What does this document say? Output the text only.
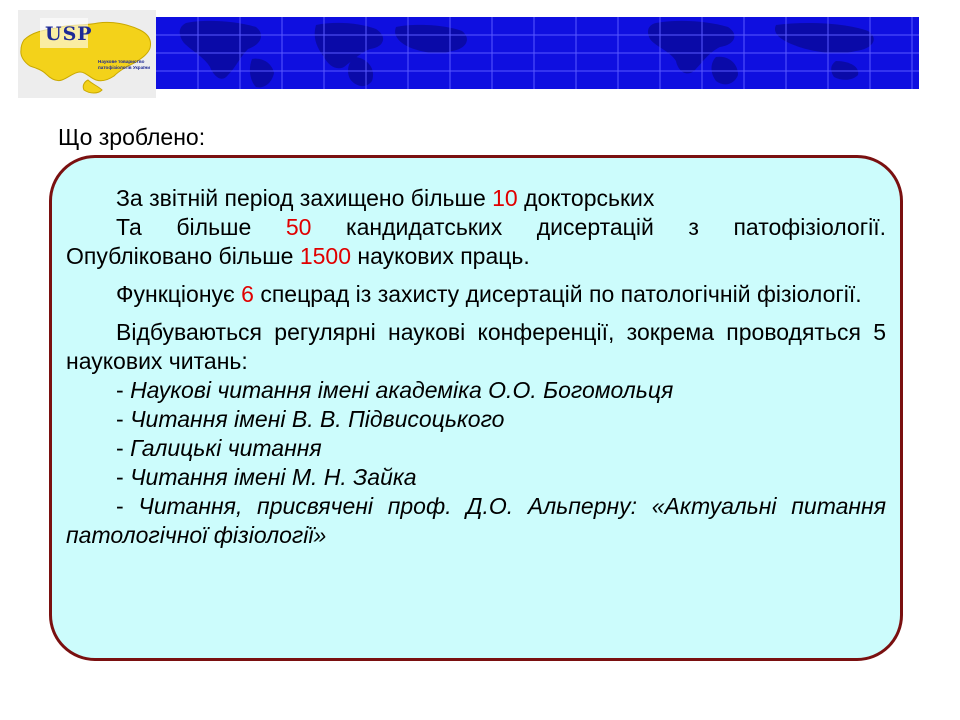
USP
Наукове товариство патофізіологів України
Що зроблено:
За звітній період захищено більше 10 докторських
Та більше 50 кандидатських дисертацій з патофізіології.
Опубліковано більше 1500 наукових праць.

Функціонує 6 спецрад із захисту дисертацій по патологічній фізіології.

Відбуваються регулярні наукові конференції, зокрема проводяться 5 наукових читань:

- Наукові читання імені академіка О.О. Богомольця

- Читання імені В. В. Підвисоцького

- Галицькі читання

- Читання імені М. Н. Зайка

- Читання, присвячені проф. Д.О. Альперну: «Актуальні питання патологічної фізіології»
